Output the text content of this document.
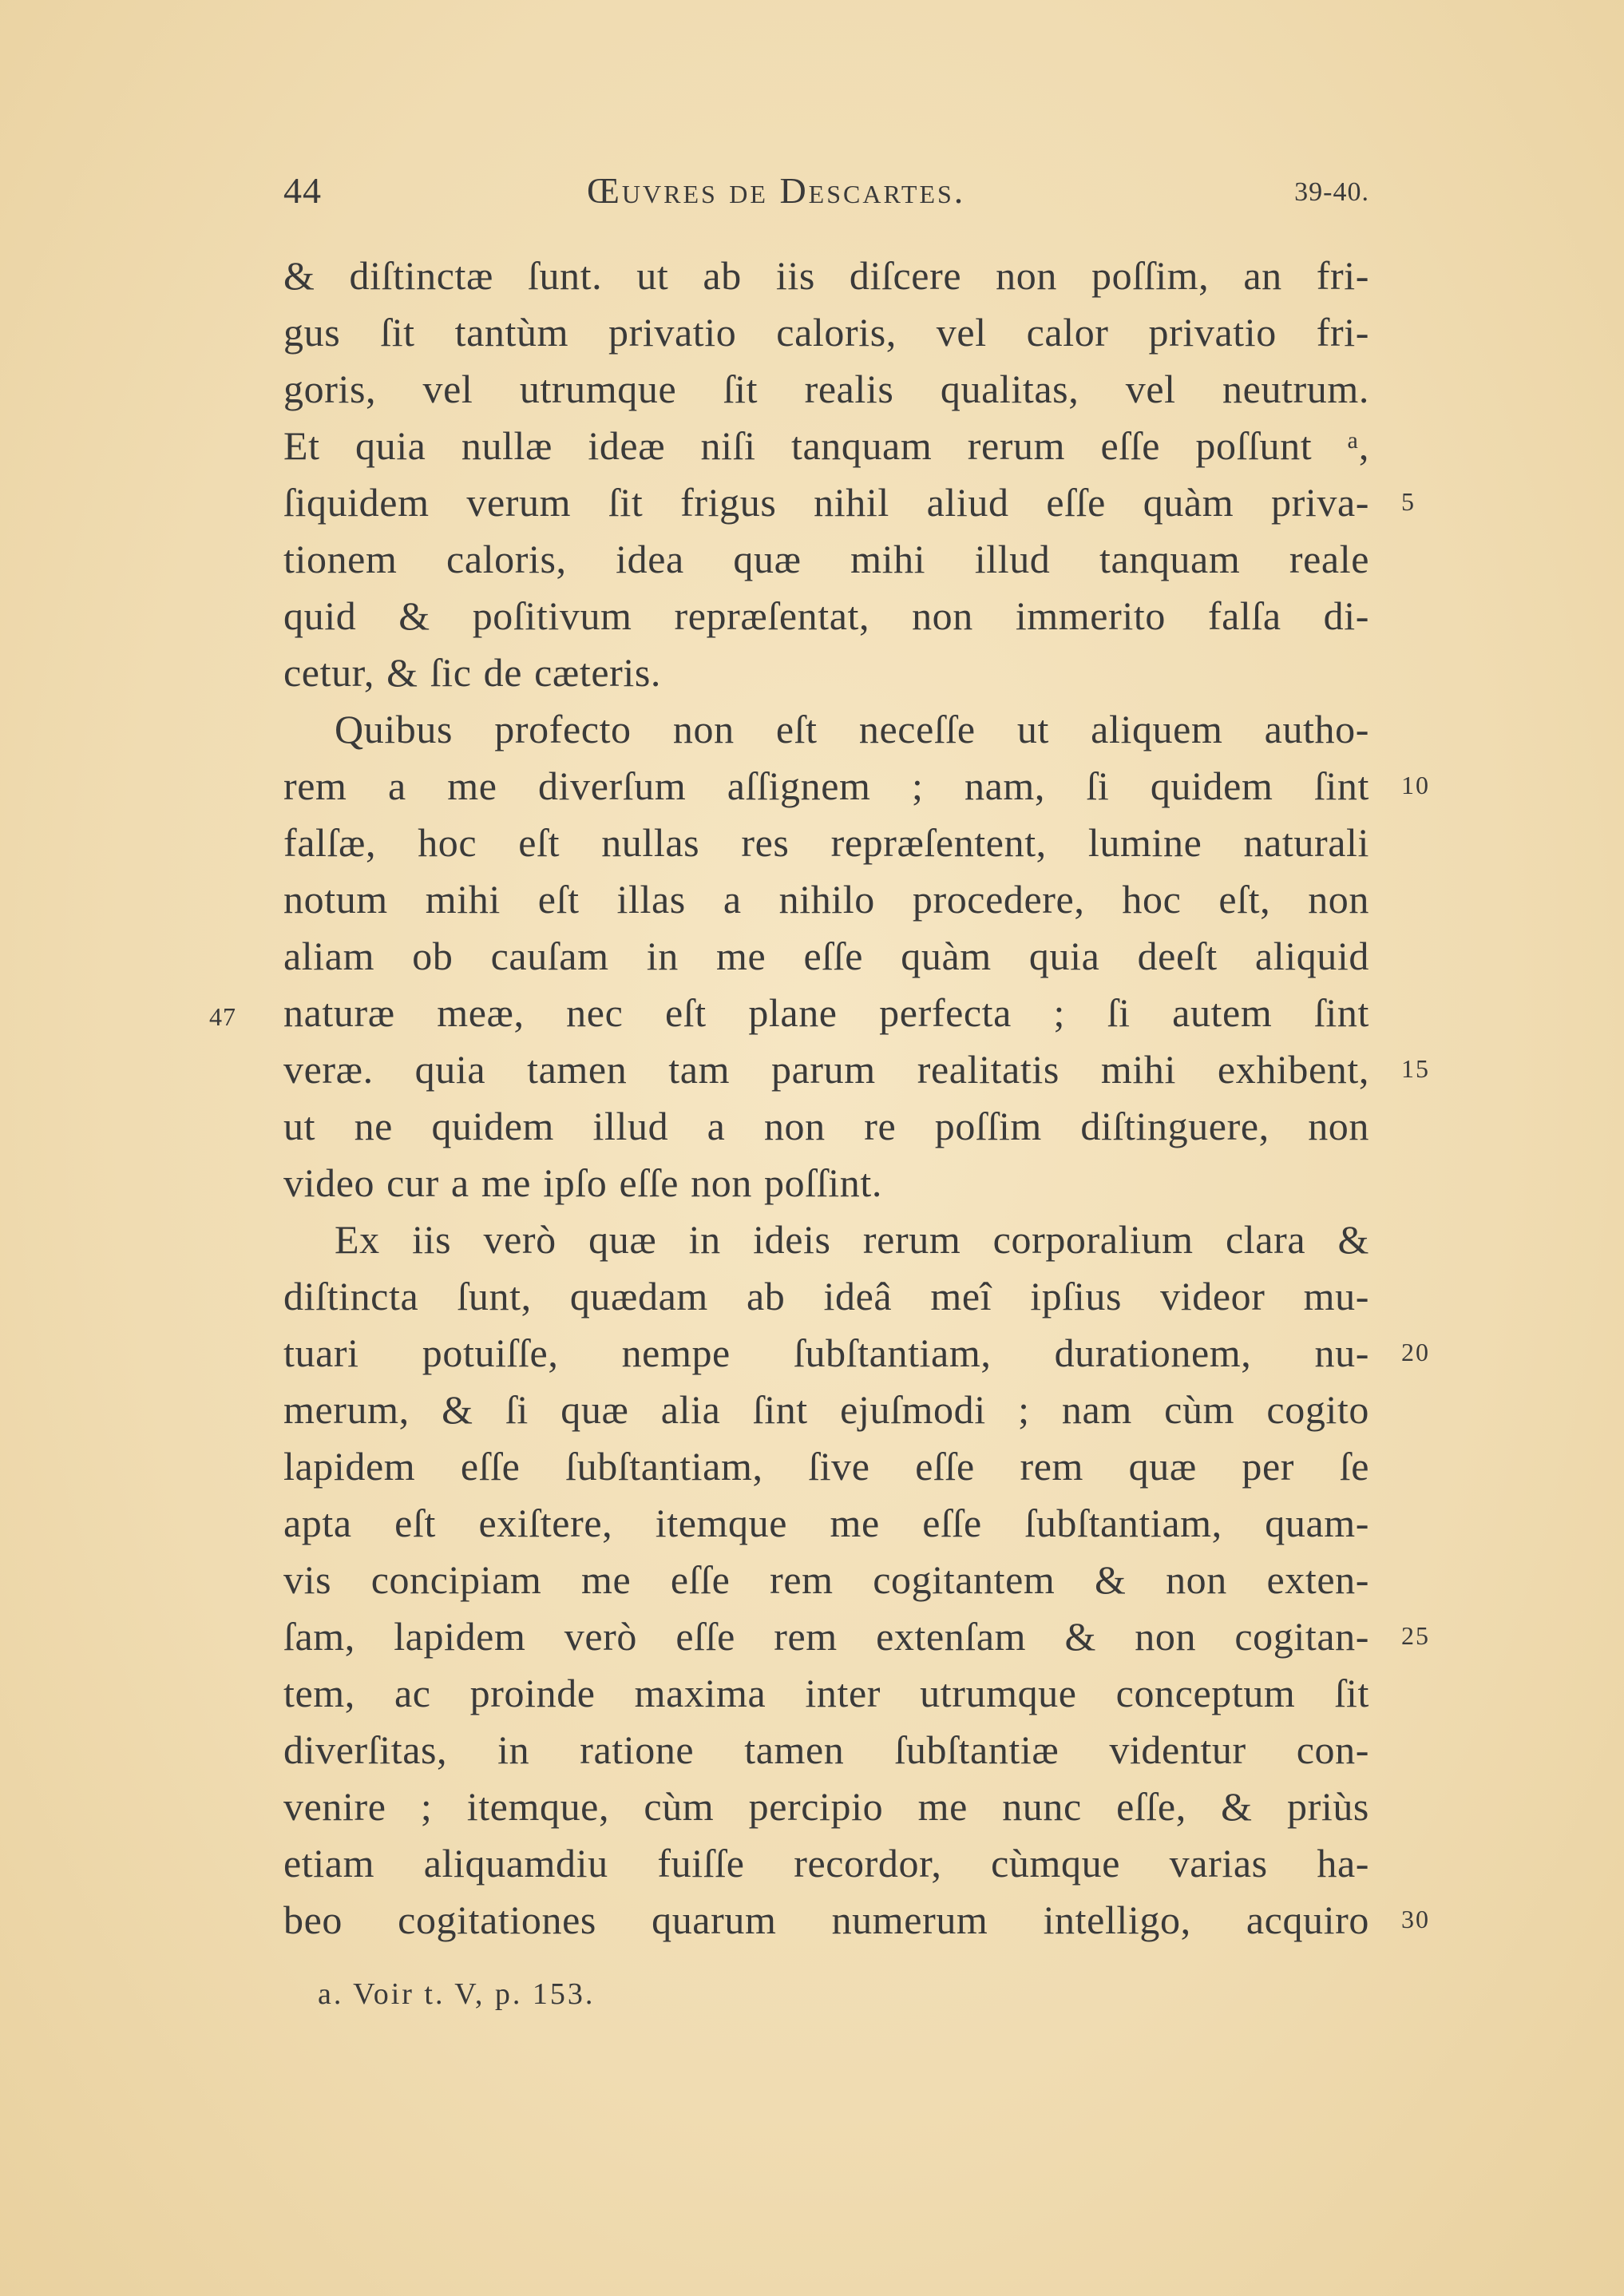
44	Œuvres de Descartes.	39-40.
& diſtinctæ ſunt. ut ab iis diſcere non poſſim, an fri-
gus ſit tantùm privatio caloris, vel calor privatio fri-
goris, vel utrumque ſit realis qualitas, vel neutrum.
Et quia nullæ ideæ niſi tanquam rerum eſſe poſſunt ᵃ,
ſiquidem verum ſit frigus nihil aliud eſſe quàm priva-
tionem caloris, idea quæ mihi illud tanquam reale
quid & poſitivum repræſentat, non immerito falſa di-
cetur, & ſic de cæteris.
Quibus profecto non eſt neceſſe ut aliquem autho-
rem a me diverſum aſſignem ; nam, ſi quidem ſint
falſæ, hoc eſt nullas res repræſentent, lumine naturali
notum mihi eſt illas a nihilo procedere, hoc eſt, non
aliam ob cauſam in me eſſe quàm quia deeſt aliquid
naturæ meæ, nec eſt plane perfecta ; ſi autem ſint
veræ. quia tamen tam parum realitatis mihi exhibent,
ut ne quidem illud a non re poſſim diſtinguere, non
video cur a me ipſo eſſe non poſſint.
Ex iis verò quæ in ideis rerum corporalium clara &
diſtincta ſunt, quædam ab ideâ meî ipſius videor mu-
tuari potuiſſe, nempe ſubſtantiam, durationem, nu-
merum, & ſi quæ alia ſint ejuſmodi ; nam cùm cogito
lapidem eſſe ſubſtantiam, ſive eſſe rem quæ per ſe
apta eſt exiſtere, itemque me eſſe ſubſtantiam, quam-
vis concipiam me eſſe rem cogitantem & non exten-
ſam, lapidem verò eſſe rem extenſam & non cogitan-
tem, ac proinde maxima inter utrumque conceptum ſit
diverſitas, in ratione tamen ſubſtantiæ videntur con-
venire ; itemque, cùm percipio me nunc eſſe, & priùs
etiam aliquamdiu fuiſſe recordor, cùmque varias ha-
beo cogitationes quarum numerum intelligo, acquiro
5
10
15
20
25
30
47
a. Voir t. V, p. 153.
